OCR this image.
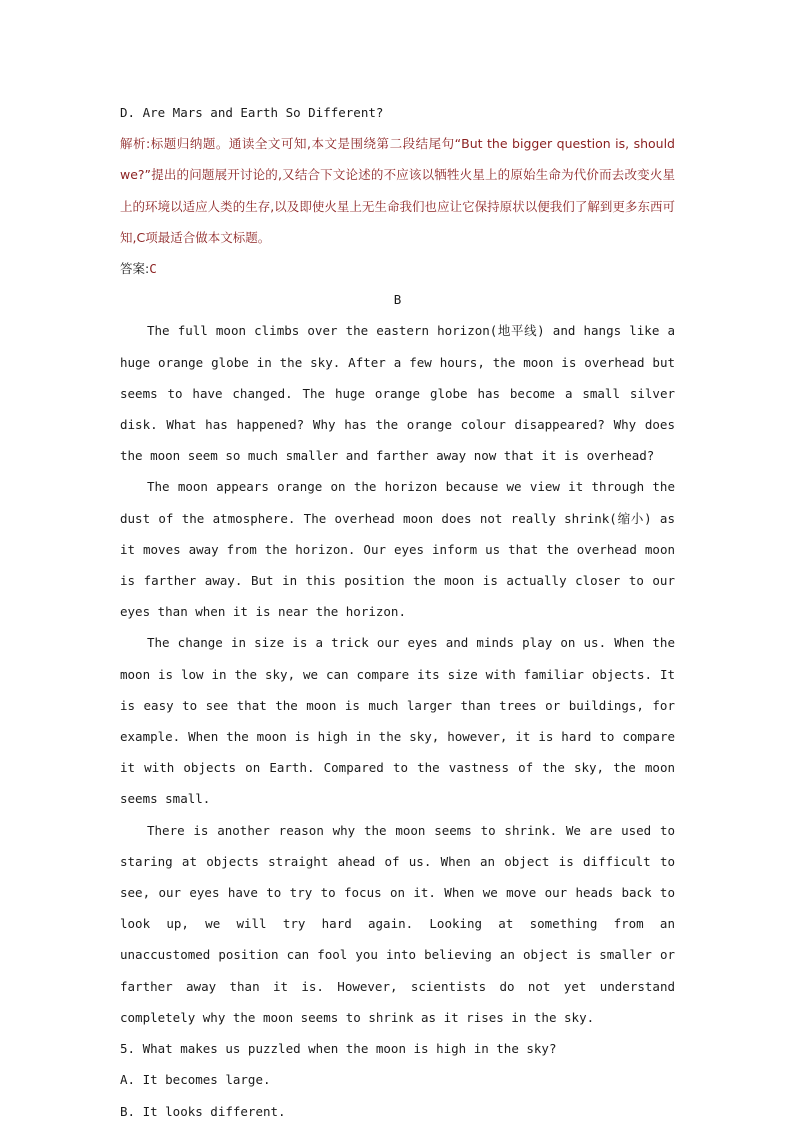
D. Are Mars and Earth So Different?

解析:标题归纳题。通读全文可知,本文是围绕第二段结尾句“But the bigger question is, should we?”提出的问题展开讨论的,又结合下文论述的不应该以牺牲火星上的原始生命为代价而去改变火星上的环境以适应人类的生存,以及即使火星上无生命我们也应让它保持原状以便我们了解到更多东西可知,C项最适合做本文标题。

答案:C

B

The full moon climbs over the eastern horizon(地平线) and hangs like a huge orange globe in the sky. After a few hours, the moon is overhead but seems to have changed. The huge orange globe has become a small silver disk. What has happened? Why has the orange colour disappeared? Why does the moon seem so much smaller and farther away now that it is overhead?

The moon appears orange on the horizon because we view it through the dust of the atmosphere. The overhead moon does not really shrink(缩小) as it moves away from the horizon. Our eyes inform us that the overhead moon is farther away. But in this position the moon is actually closer to our eyes than when it is near the horizon.

The change in size is a trick our eyes and minds play on us. When the moon is low in the sky, we can compare its size with familiar objects. It is easy to see that the moon is much larger than trees or buildings, for example. When the moon is high in the sky, however, it is hard to compare it with objects on Earth. Compared to the vastness of the sky, the moon seems small.

There is another reason why the moon seems to shrink. We are used to staring at objects straight ahead of us. When an object is difficult to see, our eyes have to try to focus on it. When we move our heads back to look up, we will try hard again. Looking at something from an unaccustomed position can fool you into believing an object is smaller or farther away than it is. However, scientists do not yet understand completely why the moon seems to shrink as it rises in the sky.

5. What makes us puzzled when the moon is high in the sky?

A. It becomes large.

B. It looks different.
